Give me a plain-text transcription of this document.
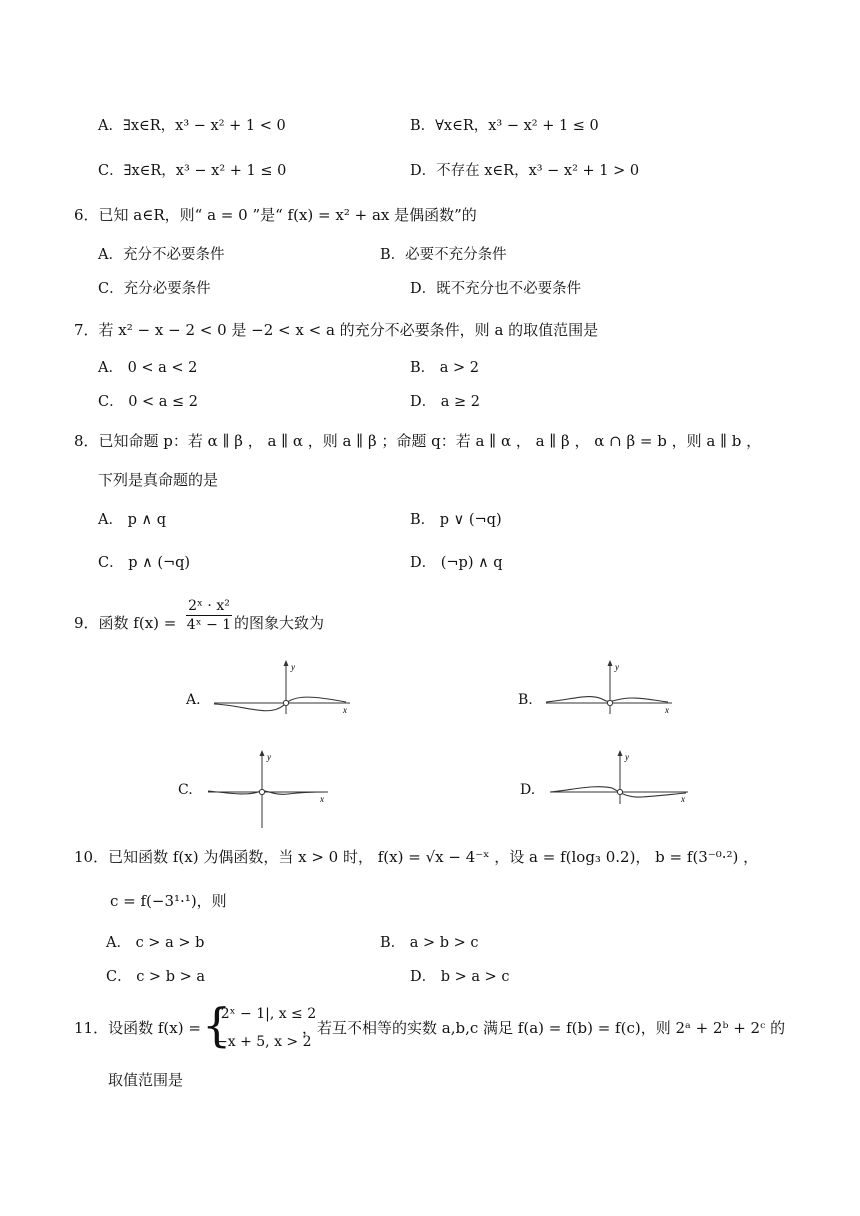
A．∃x∈R，x³ − x² + 1 < 0	B．∀x∈R，x³ − x² + 1 ≤ 0
C．∃x∈R，x³ − x² + 1 ≤ 0	D．不存在 x∈R，x³ − x² + 1 > 0
6．已知 a∈R，则“ a = 0 ”是“ f(x) = x² + ax 是偶函数”的
A．充分不必要条件	B．必要不充分条件
C．充分必要条件	D．既不充分也不必要条件
7．若 x² − x − 2 < 0 是 −2 < x < a 的充分不必要条件，则 a 的取值范围是
A． 0 < a < 2	B． a > 2
C． 0 < a ≤ 2	D． a ≥ 2
8．已知命题 p：若 α ∥ β ， a ∥ α ，则 a ∥ β ；命题 q：若 a ∥ α ， a ∥ β ， α ∩ β = b ，则 a ∥ b ，
下列是真命题的是
A． p ∧ q	B． p ∨ (¬q)
C． p ∧ (¬q)	D． (¬p) ∧ q
9．函数 $f(x) = \frac{\text{2ˣ · x²}}{\text{4ˣ − 1}}$ 的图象大致为
A.
y
x
B.
y
x
C.
y
x
D.
y
x
10．已知函数 f(x) 为偶函数，当 x > 0 时， f(x) = √x − 4⁻ˣ ，设 a = f(log₃ 0.2)， b = f(3⁻⁰·²) ，
c = f(−3¹·¹)，则
A． c > a > b	B． a > b > c
C． c > b > a	D． b > a > c
11．设函数 f(x) = {
|2ˣ − 1|, x ≤ 2
−x + 5, x > 2
，若互不相等的实数 a,b,c 满足 f(a) = f(b) = f(c)，则 2ᵃ + 2ᵇ + 2ᶜ 的
取值范围是
